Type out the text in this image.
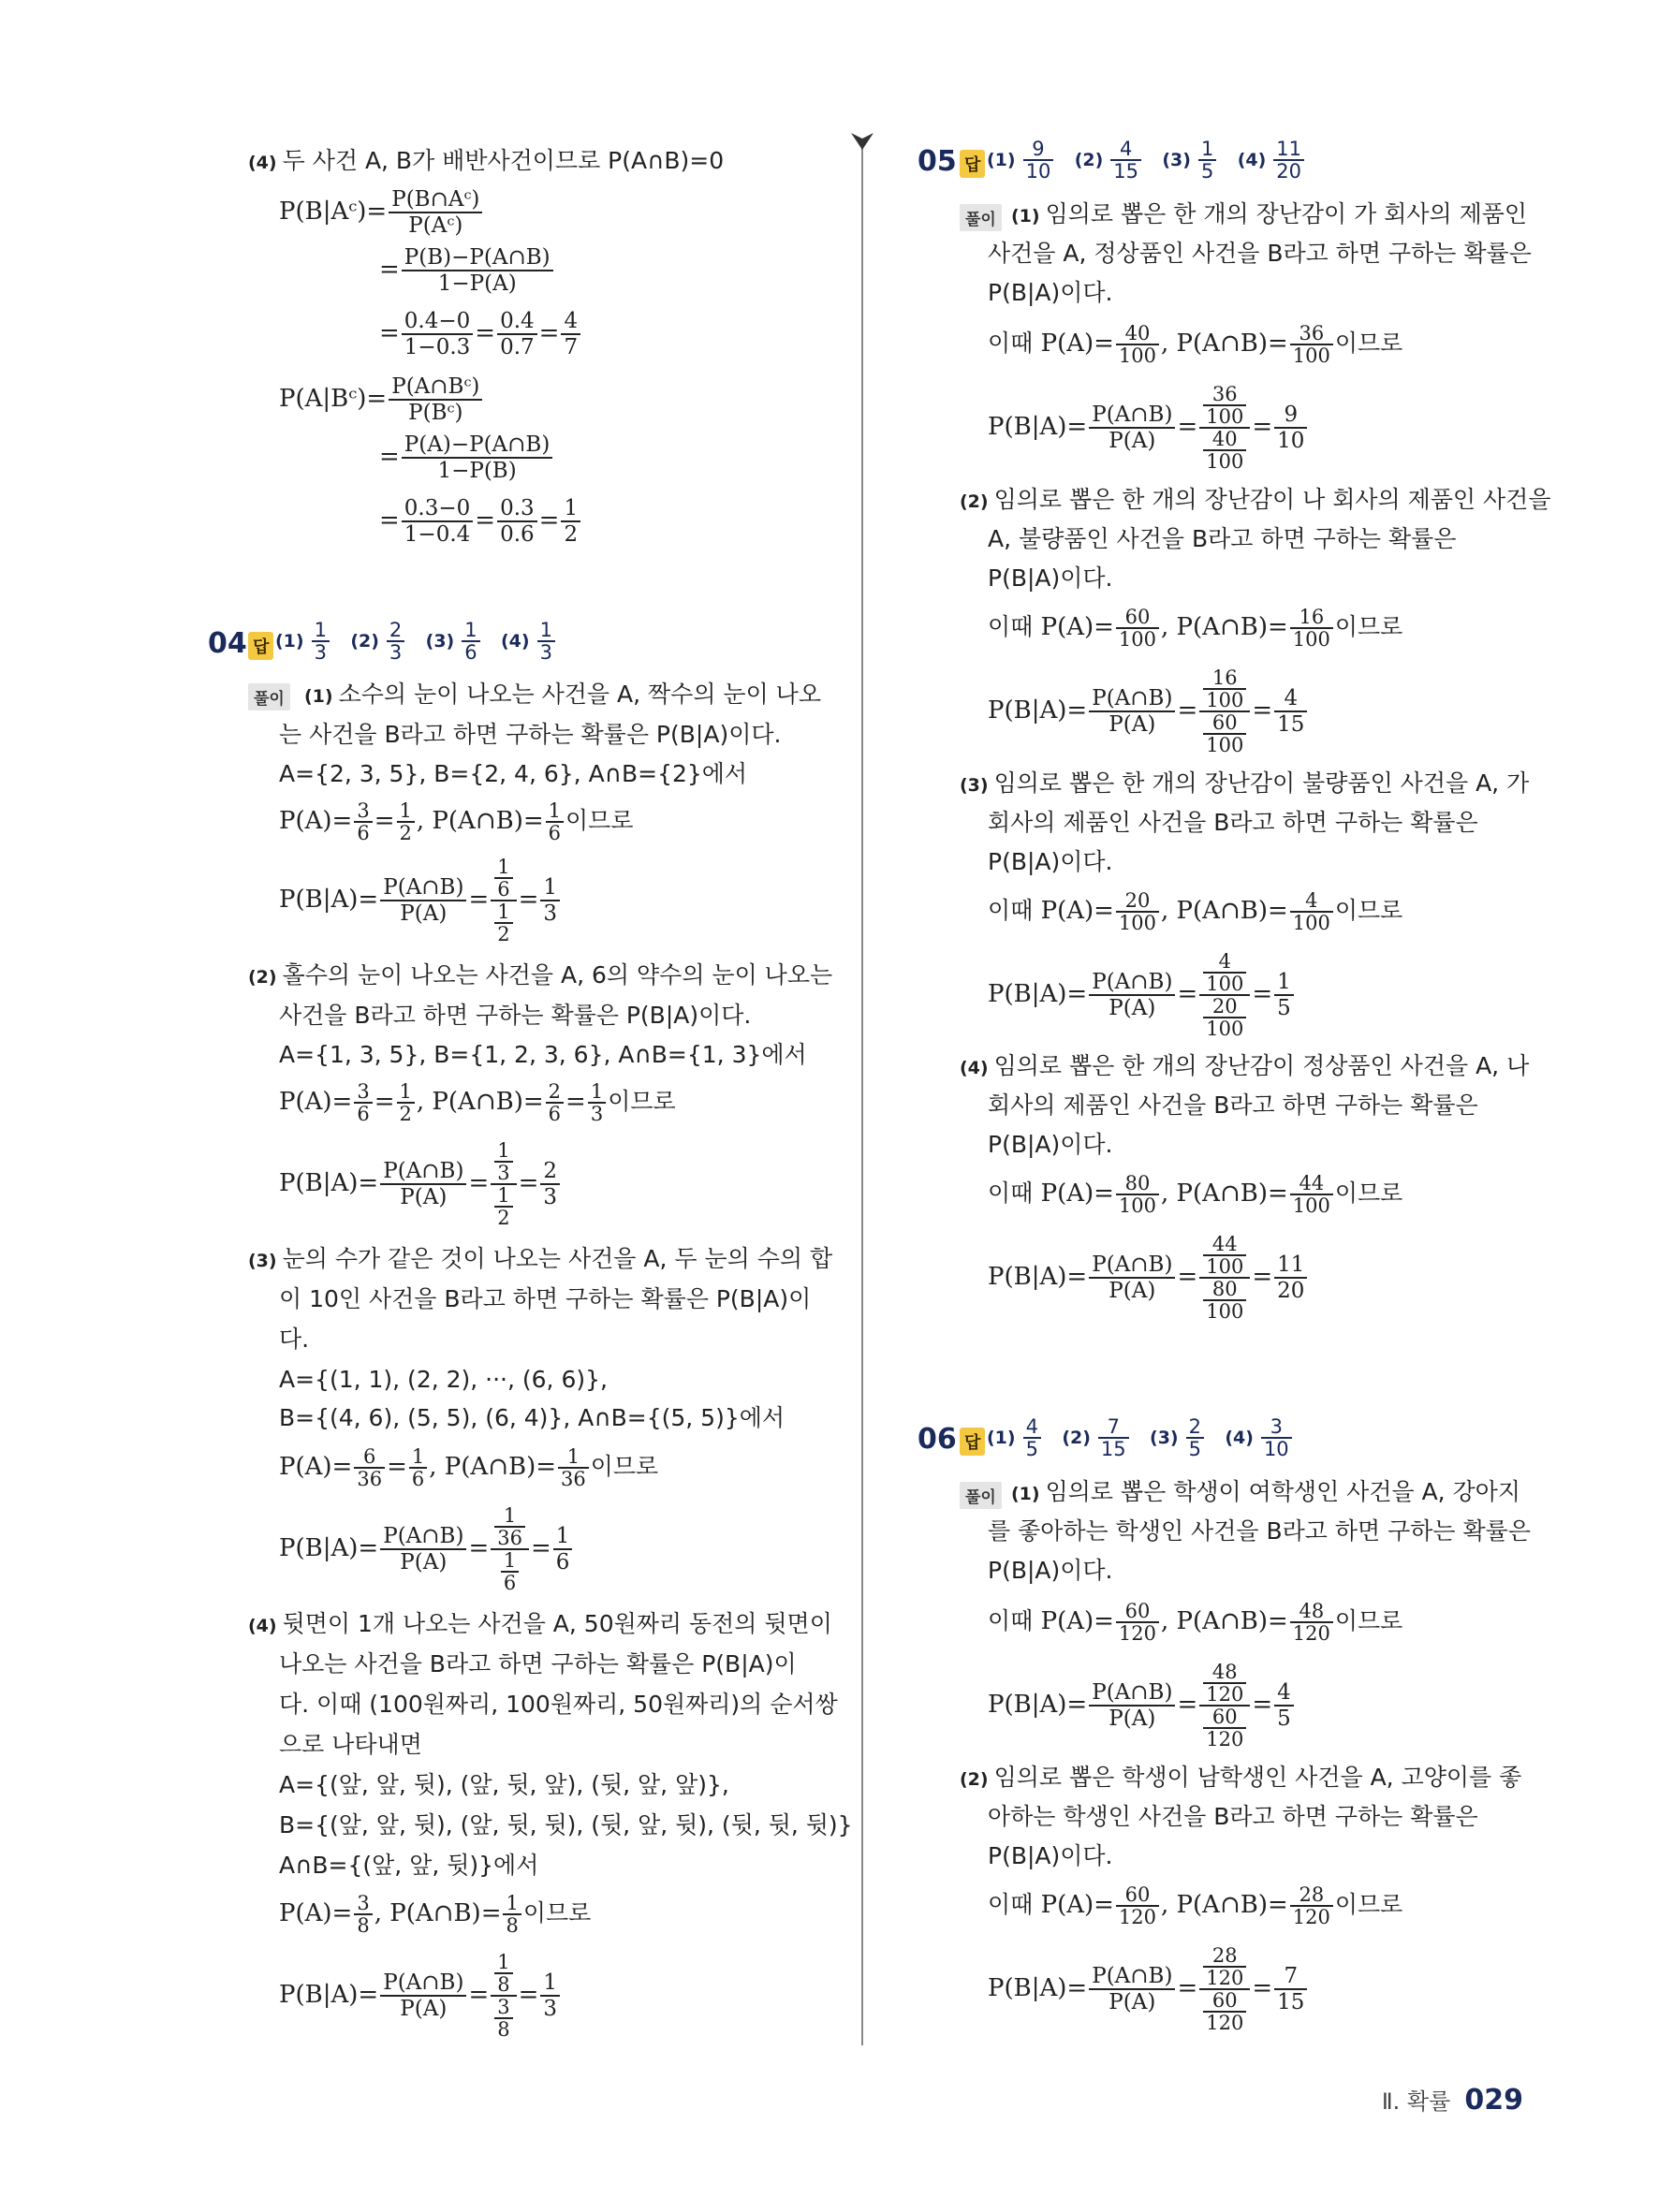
(4) 두 사건 A, B가 배반사건이므로 P(A∩B)=0
P(B|Aᶜ)= $\frac{\text{P(B∩Aᶜ)}}{\text{P(Aᶜ)}}$
= $\frac{P(B)-P(A\cap B)}{1-P(A)}$
= $\frac{0.4-0}{1-0.3} = \frac{0.4}{0.7} = \frac{4}{7}$
P(A|Bᶜ)= $\frac{\text{P(A∩Bᶜ)}}{\text{P(Bᶜ)}}$
= $\frac{P(A)-P(A\cap B)}{1-P(B)}$
= $\frac{0.3-0}{1-0.4} = \frac{0.3}{0.6} = \frac{1}{2}$
04 답 $(1) \frac{1}{3} (2) \frac{2}{3} (3) \frac{1}{6} (4) \frac{1}{3}$
풀이	(1) 소수의 눈이 나오는 사건을 A, 짝수의 눈이 나오
는 사건을 B라고 하면 구하는 확률은 P(B|A)이다.
A={2, 3, 5}, B={2, 4, 6}, A∩B={2}에서
$P(A)= \frac{3}{6} = \frac{1}{2}$ , P(A∩B)= $\frac{1}{6}$ 이므로
$P(B|A)= \frac{P(A\cap B)}{P(A)} = \frac{\frac{1}{6}}{\frac{1}{2}} = \frac{1}{3}$
(2) 홀수의 눈이 나오는 사건을 A, 6의 약수의 눈이 나오는
사건을 B라고 하면 구하는 확률은 P(B|A)이다.
A={1, 3, 5}, B={1, 2, 3, 6}, A∩B={1, 3}에서
$P(A)= \frac{3}{6} = \frac{1}{2}$ , P(A∩B)= $\frac{2}{6} = \frac{1}{3}$ 이므로
$P(B|A)= \frac{P(A\cap B)}{P(A)} = \frac{\frac{1}{3}}{\frac{1}{2}} = \frac{2}{3}$
(3) 눈의 수가 같은 것이 나오는 사건을 A, 두 눈의 수의 합
이 10인 사건을 B라고 하면 구하는 확률은 P(B|A)이
다.
A={(1, 1), (2, 2), ···, (6, 6)},
B={(4, 6), (5, 5), (6, 4)}, A∩B={(5, 5)}에서
$P(A)= \frac{6}{36} = \frac{1}{6}$ , P(A∩B)= $\frac{1}{36}$ 이므로
$P(B|A)= \frac{P(A\cap B)}{P(A)} = \frac{\frac{1}{36}}{\frac{1}{6}} = \frac{1}{6}$
(4) 뒷면이 1개 나오는 사건을 A, 50원짜리 동전의 뒷면이
나오는 사건을 B라고 하면 구하는 확률은 P(B|A)이
다. 이때 (100원짜리, 100원짜리, 50원짜리)의 순서쌍
으로 나타내면
A={(앞, 앞, 뒷), (앞, 뒷, 앞), (뒷, 앞, 앞)},
B={(앞, 앞, 뒷), (앞, 뒷, 뒷), (뒷, 앞, 뒷), (뒷, 뒷, 뒷)}
A∩B={(앞, 앞, 뒷)}에서
$P(A)= \frac{3}{8}$ , P(A∩B)= $\frac{1}{8}$ 이므로
$P(B|A)= \frac{P(A\cap B)}{P(A)} = \frac{\frac{1}{8}}{\frac{3}{8}} = \frac{1}{3}$
05 답 $(1) \frac{9}{10} (2) \frac{4}{15} (3) \frac{1}{5} (4) \frac{11}{20}$
풀이 (1) 임의로 뽑은 한 개의 장난감이 가 회사의 제품인
사건을 A, 정상품인 사건을 B라고 하면 구하는 확률은
P(B|A)이다.
이때 $P(A)= \frac{40}{100}$ , P(A∩B)= $\frac{36}{100}$ 이므로
$P(B|A)= \frac{P(A\cap B)}{P(A)} = \frac{\frac{36}{100}}{\frac{40}{100}} = \frac{9}{10}$
(2) 임의로 뽑은 한 개의 장난감이 나 회사의 제품인 사건을
A, 불량품인 사건을 B라고 하면 구하는 확률은
P(B|A)이다.
이때 $P(A)= \frac{60}{100}$ , P(A∩B)= $\frac{16}{100}$ 이므로
$P(B|A)= \frac{P(A\cap B)}{P(A)} = \frac{\frac{16}{100}}{\frac{60}{100}} = \frac{4}{15}$
(3) 임의로 뽑은 한 개의 장난감이 불량품인 사건을 A, 가
회사의 제품인 사건을 B라고 하면 구하는 확률은
P(B|A)이다.
이때 $P(A)= \frac{20}{100}$ , P(A∩B)= $\frac{4}{100}$ 이므로
$P(B|A)= \frac{P(A\cap B)}{P(A)} = \frac{\frac{4}{100}}{\frac{20}{100}} = \frac{1}{5}$
(4) 임의로 뽑은 한 개의 장난감이 정상품인 사건을 A, 나
회사의 제품인 사건을 B라고 하면 구하는 확률은
P(B|A)이다.
이때 $P(A)= \frac{80}{100}$ , P(A∩B)= $\frac{44}{100}$ 이므로
$P(B|A)= \frac{P(A\cap B)}{P(A)} = \frac{\frac{44}{100}}{\frac{80}{100}} = \frac{11}{20}$
06 답 $(1) \frac{4}{5} (2) \frac{7}{15} (3) \frac{2}{5} (4) \frac{3}{10}$
풀이 (1) 임의로 뽑은 학생이 여학생인 사건을 A, 강아지
를 좋아하는 학생인 사건을 B라고 하면 구하는 확률은
P(B|A)이다.
이때 $P(A)= \frac{60}{120}$ , P(A∩B)= $\frac{48}{120}$ 이므로
$P(B|A)= \frac{P(A\cap B)}{P(A)} = \frac{\frac{48}{120}}{\frac{60}{120}} = \frac{4}{5}$
(2) 임의로 뽑은 학생이 남학생인 사건을 A, 고양이를 좋
아하는 학생인 사건을 B라고 하면 구하는 확률은
P(B|A)이다.
이때 $P(A)= \frac{60}{120}$ , P(A∩B)= $\frac{28}{120}$ 이므로
$P(B|A)= \frac{P(A\cap B)}{P(A)} = \frac{\frac{28}{120}}{\frac{60}{120}} = \frac{7}{15}$
Ⅱ. 확률 029
